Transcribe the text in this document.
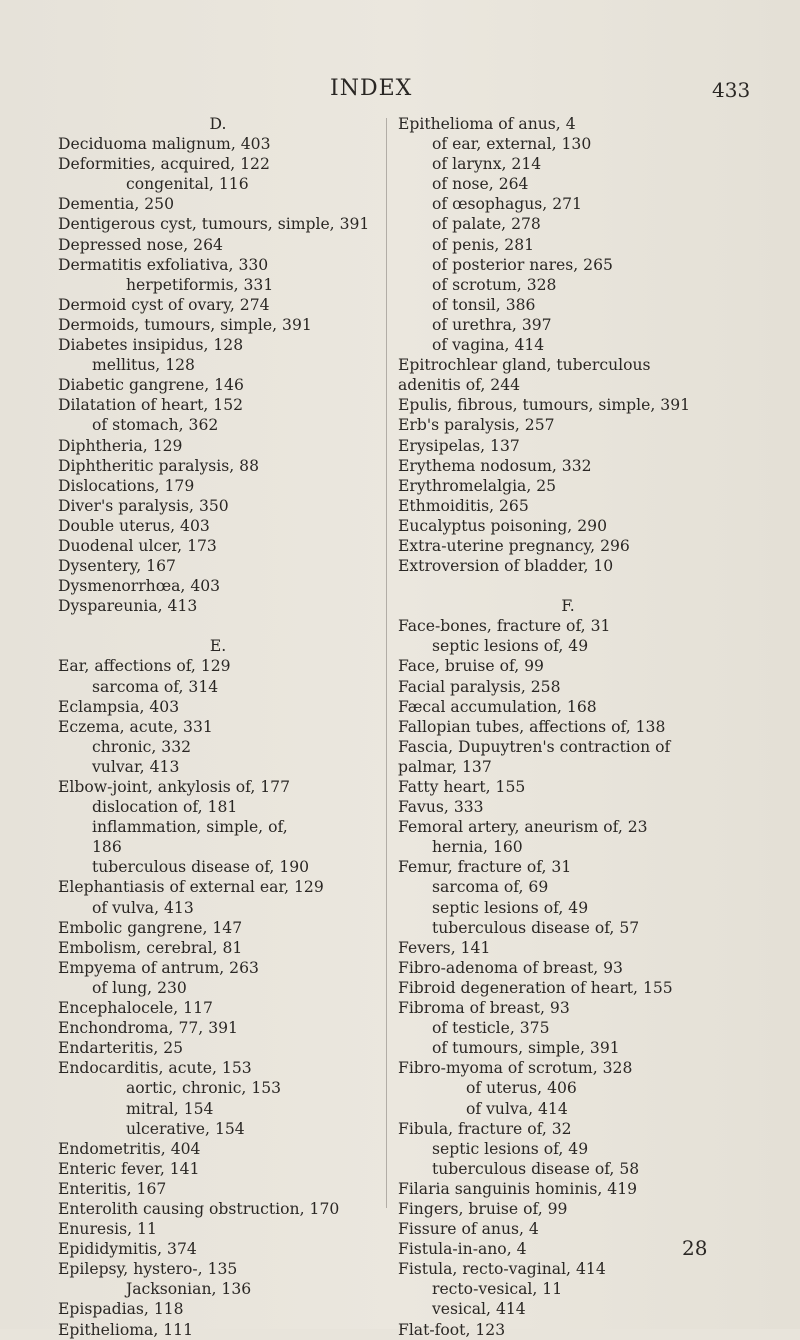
INDEX	433
D.
Deciduoma malignum, 403
Deformities, acquired, 122
congenital, 116
Dementia, 250
Dentigerous cyst, tumours, simple, 391
Depressed nose, 264
Dermatitis exfoliativa, 330
herpetiformis, 331
Dermoid cyst of ovary, 274
Dermoids, tumours, simple, 391
Diabetes insipidus, 128
mellitus, 128
Diabetic gangrene, 146
Dilatation of heart, 152
of stomach, 362
Diphtheria, 129
Diphtheritic paralysis, 88
Dislocations, 179
Diver's paralysis, 350
Double uterus, 403
Duodenal ulcer, 173
Dysentery, 167
Dysmenorrhœa, 403
Dyspareunia, 413
E.
Ear, affections of, 129
sarcoma of, 314
Eclampsia, 403
Eczema, acute, 331
chronic, 332
vulvar, 413
Elbow-joint, ankylosis of, 177
dislocation of, 181
inflammation, simple, of,
186
tuberculous disease of, 190
Elephantiasis of external ear, 129
of vulva, 413
Embolic gangrene, 147
Embolism, cerebral, 81
Empyema of antrum, 263
of lung, 230
Encephalocele, 117
Enchondroma, 77, 391
Endarteritis, 25
Endocarditis, acute, 153
aortic, chronic, 153
mitral, 154
ulcerative, 154
Endometritis, 404
Enteric fever, 141
Enteritis, 167
Enterolith causing obstruction, 170
Enuresis, 11
Epididymitis, 374
Epilepsy, hystero-, 135
Jacksonian, 136
Epispadias, 118
Epithelioma, 111
Epithelioma of anus, 4
of ear, external, 130
of larynx, 214
of nose, 264
of œsophagus, 271
of palate, 278
of penis, 281
of posterior nares, 265
of scrotum, 328
of tonsil, 386
of urethra, 397
of vagina, 414
Epitrochlear gland, tuberculous
adenitis of, 244
Epulis, fibrous, tumours, simple, 391
Erb's paralysis, 257
Erysipelas, 137
Erythema nodosum, 332
Erythromelalgia, 25
Ethmoiditis, 265
Eucalyptus poisoning, 290
Extra-uterine pregnancy, 296
Extroversion of bladder, 10
F.
Face-bones, fracture of, 31
septic lesions of, 49
Face, bruise of, 99
Facial paralysis, 258
Fæcal accumulation, 168
Fallopian tubes, affections of, 138
Fascia, Dupuytren's contraction of
palmar, 137
Fatty heart, 155
Favus, 333
Femoral artery, aneurism of, 23
hernia, 160
Femur, fracture of, 31
sarcoma of, 69
septic lesions of, 49
tuberculous disease of, 57
Fevers, 141
Fibro-adenoma of breast, 93
Fibroid degeneration of heart, 155
Fibroma of breast, 93
of testicle, 375
of tumours, simple, 391
Fibro-myoma of scrotum, 328
of uterus, 406
of vulva, 414
Fibula, fracture of, 32
septic lesions of, 49
tuberculous disease of, 58
Filaria sanguinis hominis, 419
Fingers, bruise of, 99
Fissure of anus, 4
Fistula-in-ano, 4
Fistula, recto-vaginal, 414
recto-vesical, 11
vesical, 414
Flat-foot, 123
28
